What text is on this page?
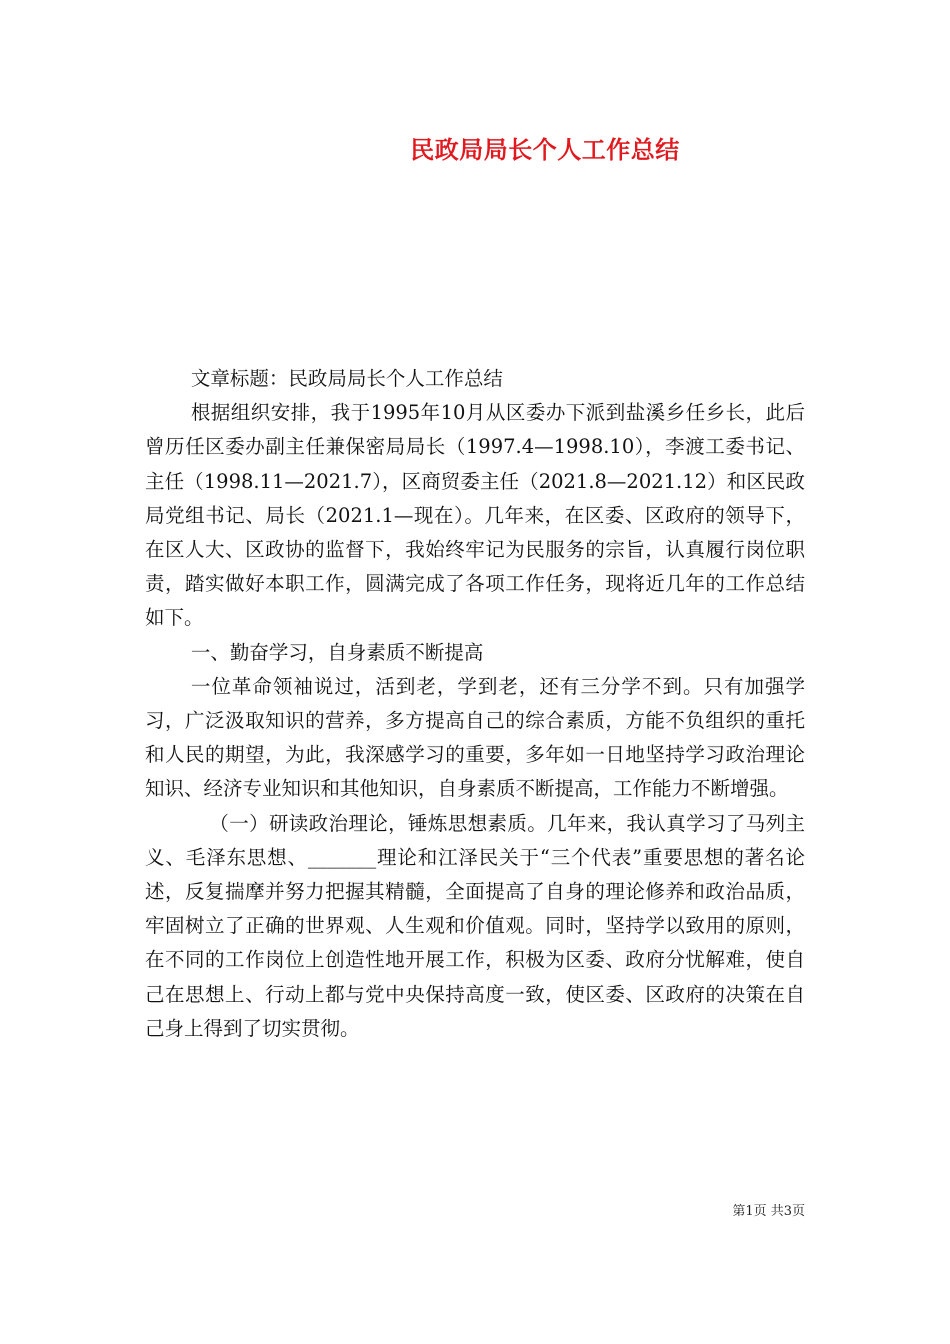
民政局局长个人工作总结

文章标题：民政局局长个人工作总结

根据组织安排，我于1995年10月从区委办下派到盐溪乡任乡长，此后曾历任区委办副主任兼保密局局长（1997.4—1998.10），李渡工委书记、主任（1998.11—2021.7），区商贸委主任（2021.8—2021.12）和区民政局党组书记、局长（2021.1—现在）。几年来，在区委、区政府的领导下，在区人大、区政协的监督下，我始终牢记为民服务的宗旨，认真履行岗位职责，踏实做好本职工作，圆满完成了各项工作任务，现将近几年的工作总结如下。

一、勤奋学习，自身素质不断提高

一位革命领袖说过，活到老，学到老，还有三分学不到。只有加强学习，广泛汲取知识的营养，多方提高自己的综合素质，方能不负组织的重托和人民的期望，为此，我深感学习的重要，多年如一日地坚持学习政治理论知识、经济专业知识和其他知识，自身素质不断提高，工作能力不断增强。

（一）研读政治理论，锤炼思想素质。几年来，我认真学习了马列主义、毛泽东思想、_______理论和江泽民关于“三个代表”重要思想的著名论述，反复揣摩并努力把握其精髓，全面提高了自身的理论修养和政治品质，牢固树立了正确的世界观、人生观和价值观。同时，坚持学以致用的原则，在不同的工作岗位上创造性地开展工作，积极为区委、政府分忧解难，使自己在思想上、行动上都与党中央保持高度一致，使区委、区政府的决策在自己身上得到了切实贯彻。

第1页 共3页
